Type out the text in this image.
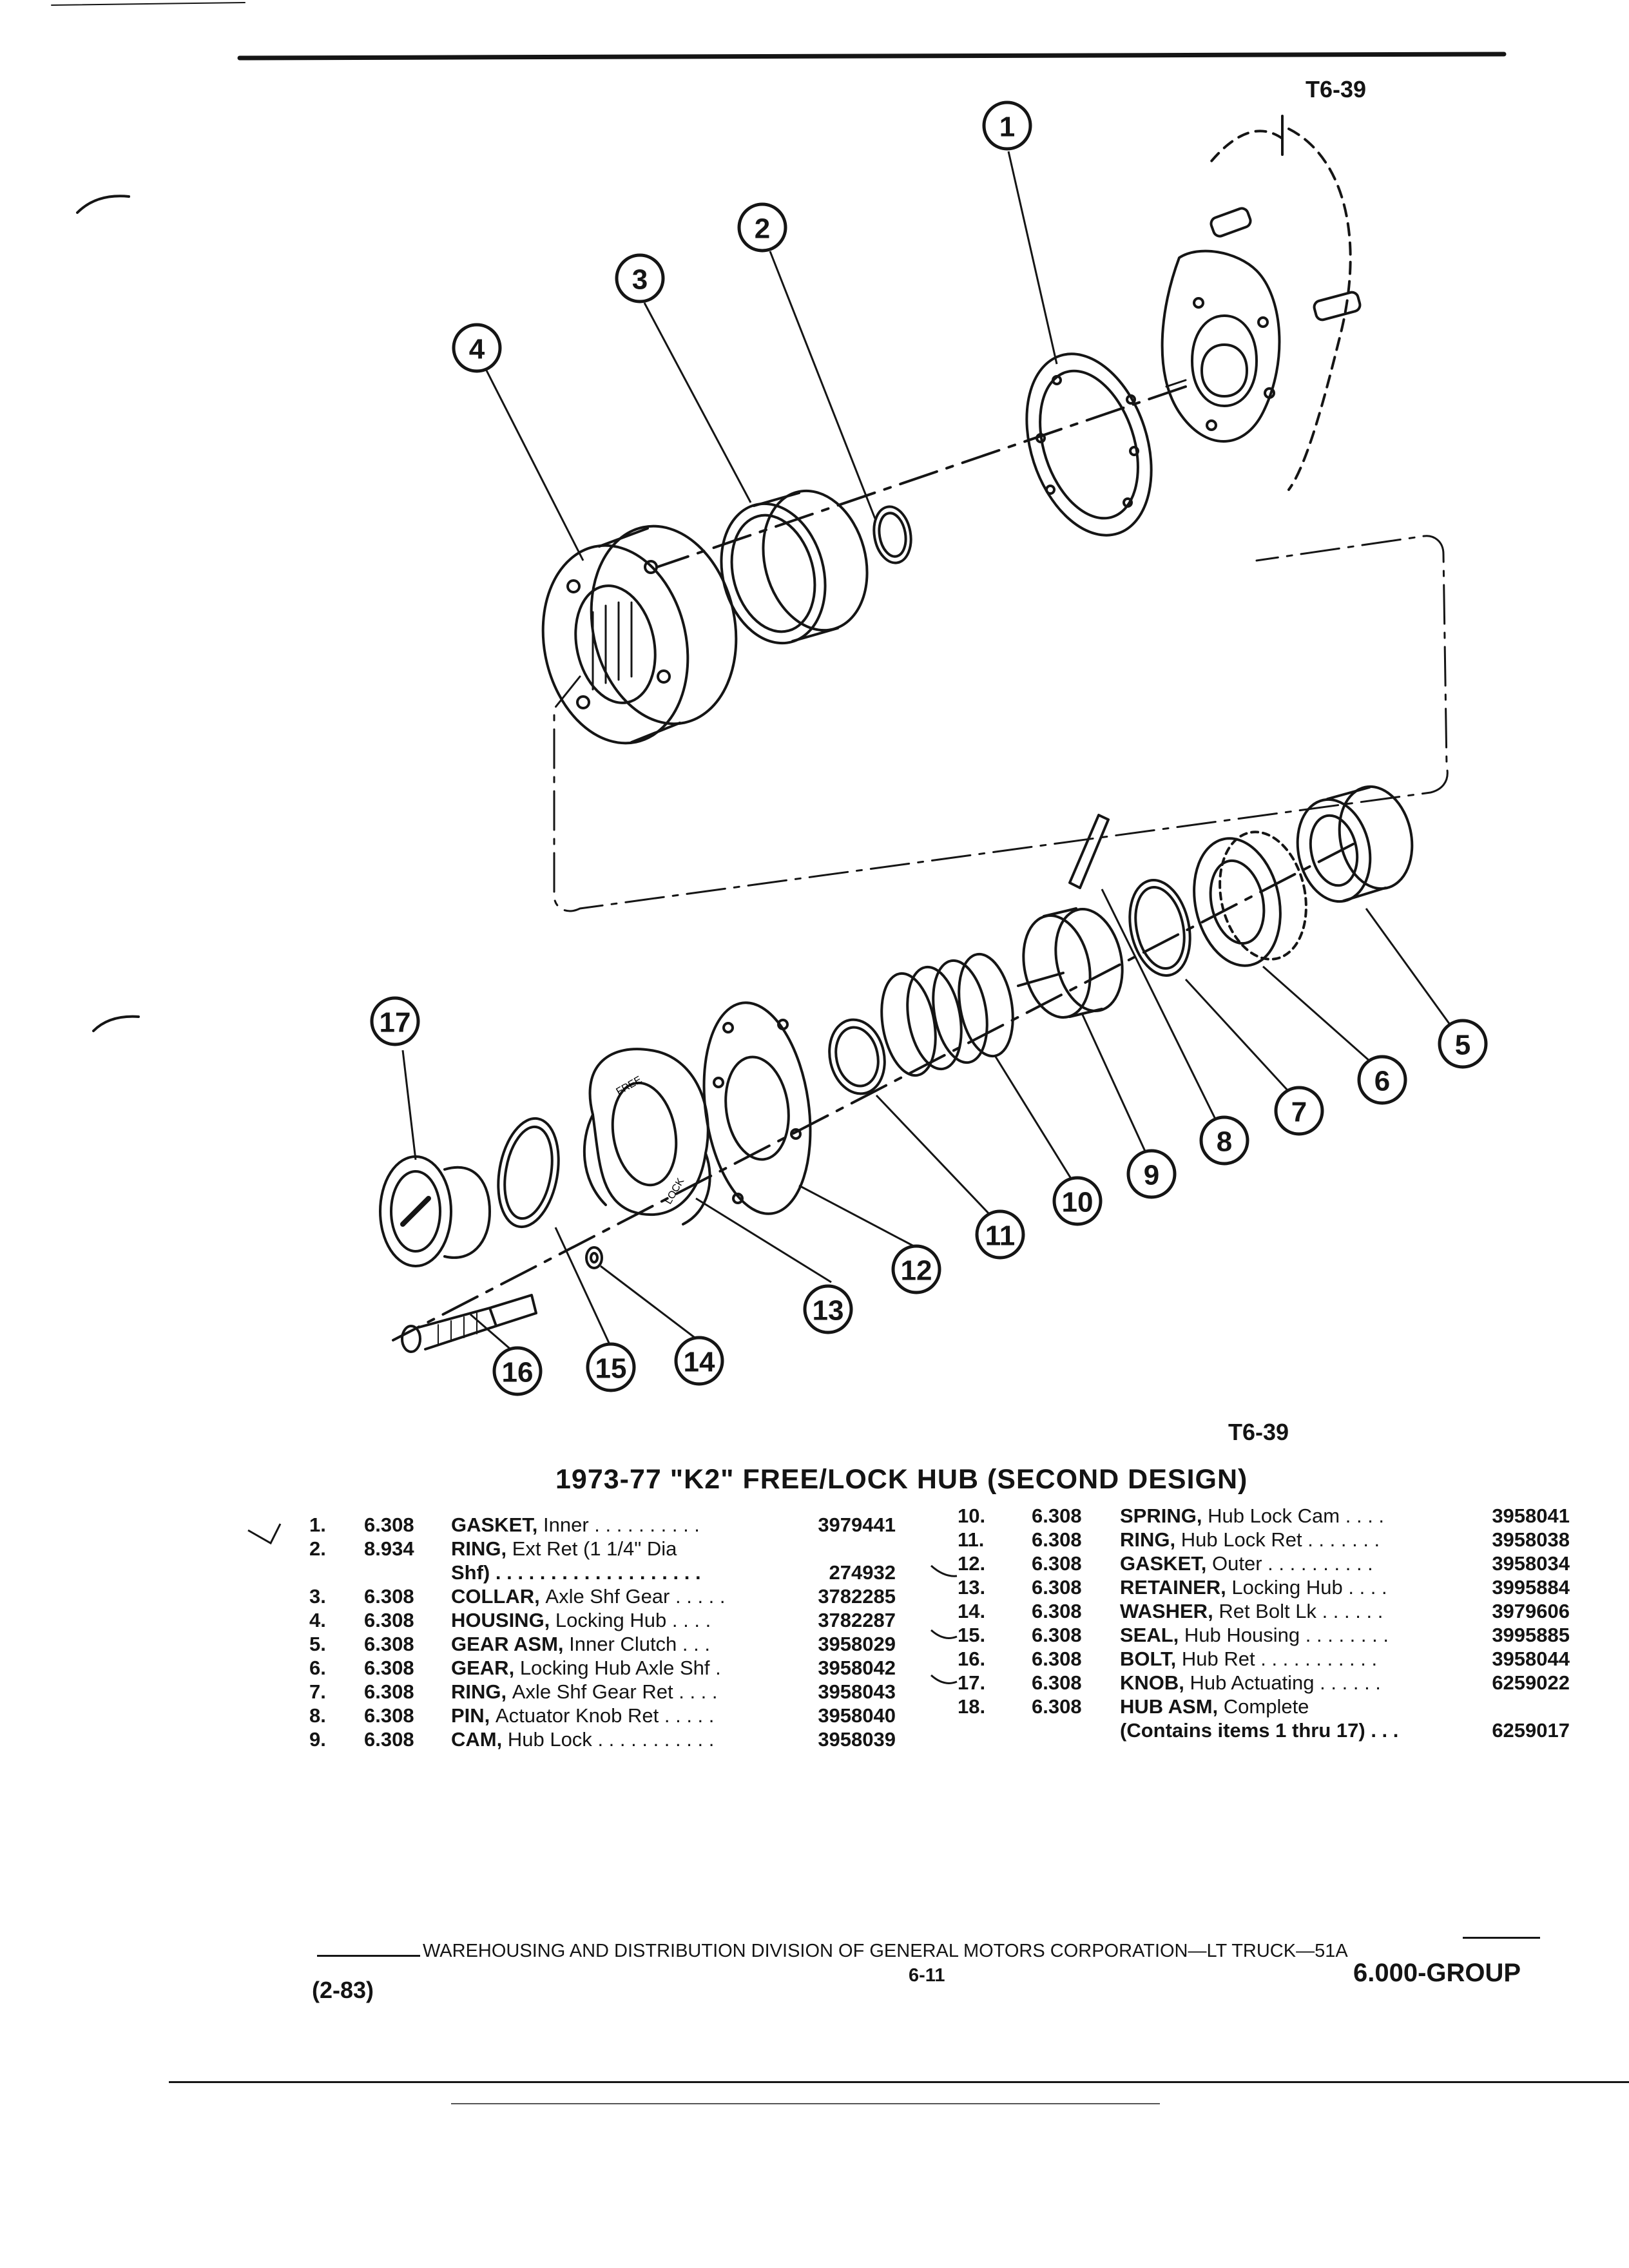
FREE
LOCK
1
2
3
4
5
6
7
8
9
10
11
12
13
14
15
16
17
T6-39
T6-39
1973-77 "K2" FREE/LOCK HUB (SECOND DESIGN)
1.	6.308	GASKET, Inner . . . . . . . . . .	3979441
2.	8.934	RING, Ext Ret (1 1/4" Dia
Shf) . . . . . . . . . . . . . . . . . . .	274932
3.	6.308	COLLAR, Axle Shf Gear . . . . .	3782285
4.	6.308	HOUSING, Locking Hub . . . .	3782287
5.	6.308	GEAR ASM, Inner Clutch . . .	3958029
6.	6.308	GEAR, Locking Hub Axle Shf .	3958042
7.	6.308	RING, Axle Shf Gear Ret . . . .	3958043
8.	6.308	PIN, Actuator Knob Ret . . . . .	3958040
9.	6.308	CAM, Hub Lock . . . . . . . . . . .	3958039
10.	6.308	SPRING, Hub Lock Cam . . . .	3958041
11.	6.308	RING, Hub Lock Ret . . . . . . .	3958038
12.	6.308	GASKET, Outer . . . . . . . . . .	3958034
13.	6.308	RETAINER, Locking Hub . . . .	3995884
14.	6.308	WASHER, Ret Bolt Lk . . . . . .	3979606
15.	6.308	SEAL, Hub Housing . . . . . . . .	3995885
16.	6.308	BOLT, Hub Ret . . . . . . . . . . .	3958044
17.	6.308	KNOB, Hub Actuating . . . . . .	6259022
18.	6.308	HUB ASM, Complete
(Contains items 1 thru 17) . . .	6259017
WAREHOUSING AND DISTRIBUTION DIVISION OF GENERAL MOTORS CORPORATION—LT TRUCK—51A
6-11	6.000-GROUP
(2-83)
